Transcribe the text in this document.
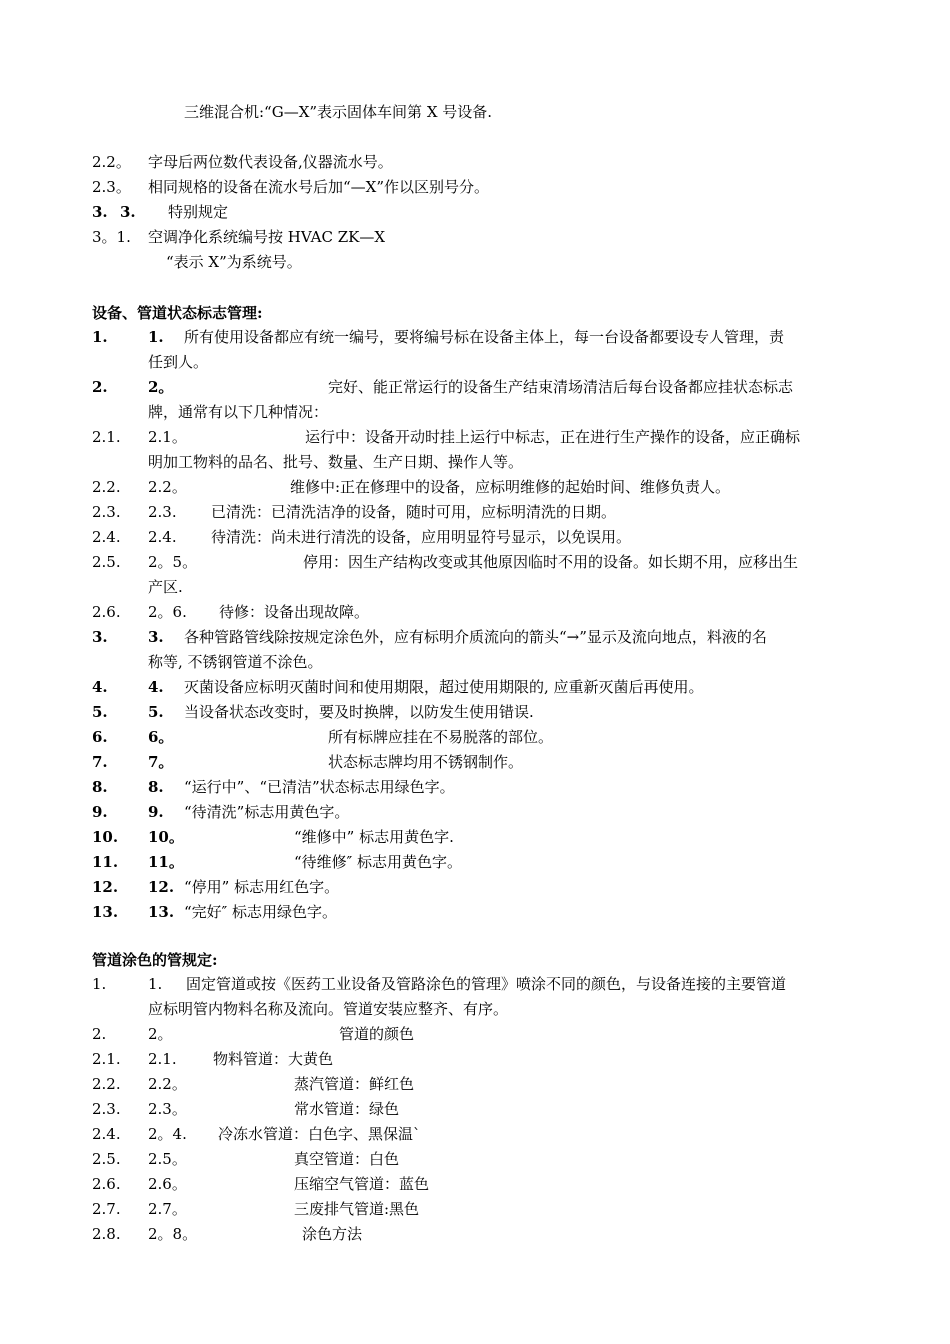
三维混合机:“G—X”表示固体车间第 X 号设备.
2.2。 字母后两位数代表设备,仪器流水号。
2.3。 相同规格的设备在流水号后加“—X”作以区别号分。
3. 3. 特别规定
3。1. 空调净化系统编号按 HVAC ZK—X
“表示 X”为系统号。
设备、管道状态标志管理:
1.	1. 所有使用设备都应有统一编号，要将编号标在设备主体上，每一台设备都要设专人管理，责
任到人。
2.	2。	完好、能正常运行的设备生产结束清场清洁后每台设备都应挂状态标志
牌，通常有以下几种情况：
2.1. 2.1。	运行中：设备开动时挂上运行中标志，正在进行生产操作的设备，应正确标
明加工物料的品名、批号、数量、生产日期、操作人等。
2.2. 2.2。	维修中:正在修理中的设备，应标明维修的起始时间、维修负责人。
2.3. 2.3. 已清洗：已清洗洁净的设备，随时可用，应标明清洗的日期。
2.4. 2.4. 待清洗：尚未进行清洗的设备，应用明显符号显示，以免误用。
2.5. 2。5。	停用：因生产结构改变或其他原因临时不用的设备。如长期不用，应移出生
产区.
2.6. 2。6. 待修：设备出现故障。
3.	3. 各种管路管线除按规定涂色外，应有标明介质流向的箭头“→”显示及流向地点，料液的名
称等, 不锈钢管道不涂色。
4.	4. 灭菌设备应标明灭菌时间和使用期限，超过使用期限的, 应重新灭菌后再使用。
5.	5. 当设备状态改变时，要及时换牌，以防发生使用错误.
6.	6。	所有标牌应挂在不易脱落的部位。
7.	7。	状态标志牌均用不锈钢制作。
8.	8. “运行中”、“已清洁”状态标志用绿色字。
9.	9. “待清洗”标志用黄色字。
10. 10。	“维修中” 标志用黄色字.
11. 11。	“待维修″ 标志用黄色字。
12. 12. “停用” 标志用红色字。
13. 13. “完好″ 标志用绿色字。
管道涂色的管规定:
1.	1. 固定管道或按《医药工业设备及管路涂色的管理》喷涂不同的颜色，与设备连接的主要管道
应标明管内物料名称及流向。管道安装应整齐、有序。
2.	2。	管道的颜色
2.1. 2.1. 物料管道：大黄色
2.2. 2.2。	蒸汽管道：鲜红色
2.3. 2.3。	常水管道：绿色
2.4. 2。4. 冷冻水管道：白色字、黑保温`
2.5. 2.5。	真空管道：白色
2.6. 2.6。	压缩空气管道：蓝色
2.7. 2.7。	三废排气管道:黑色
2.8. 2。8。	涂色方法
